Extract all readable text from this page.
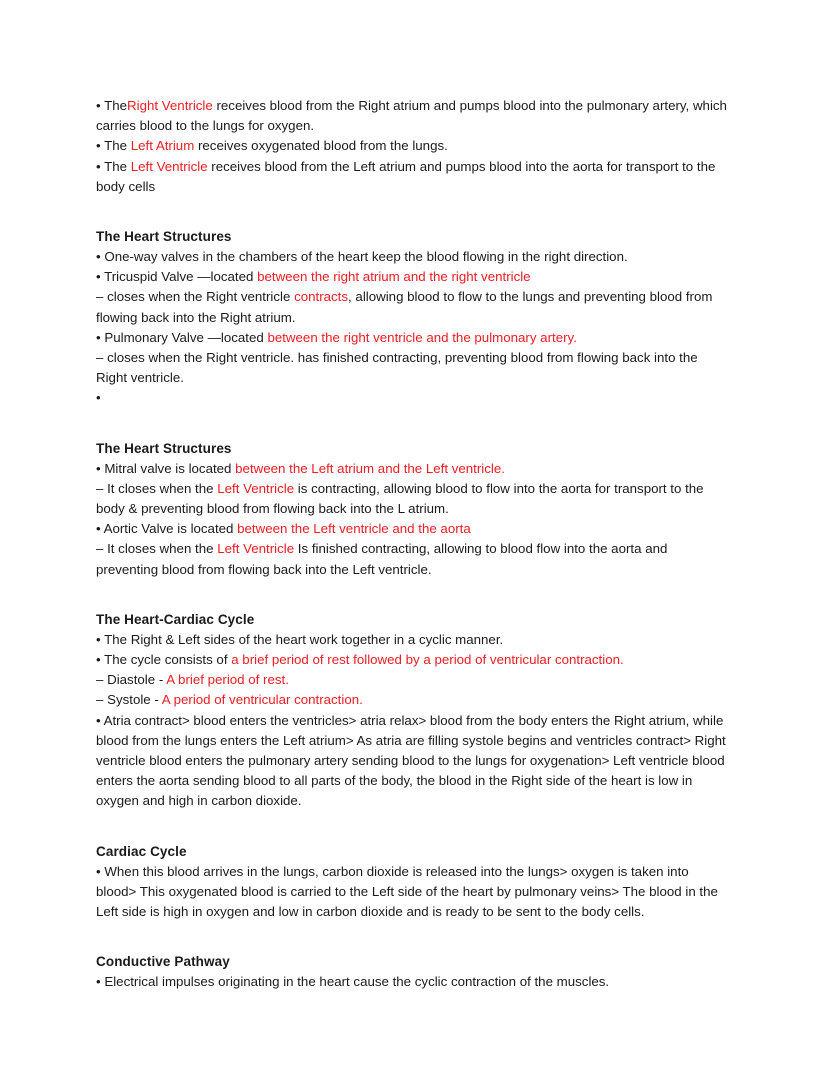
• TheRight Ventricle receives blood from the Right atrium and pumps blood into the pulmonary artery, which carries blood to the lungs for oxygen.
• The Left Atrium receives oxygenated blood from the lungs.
• The Left Ventricle receives blood from the Left atrium and pumps blood into the aorta for transport to the body cells
The Heart Structures
• One-way valves in the chambers of the heart keep the blood flowing in the right direction.
• Tricuspid Valve —located between the right atrium and the right ventricle
– closes when the Right ventricle contracts, allowing blood to flow to the lungs and preventing blood from flowing back into the Right atrium.
• Pulmonary Valve —located between the right ventricle and the pulmonary artery.
– closes when the Right ventricle. has finished contracting, preventing blood from flowing back into the Right ventricle.
•
The Heart Structures
• Mitral valve is located between the Left atrium and the Left ventricle.
– It closes when the Left Ventricle is contracting, allowing blood to flow into the aorta for transport to the body & preventing blood from flowing back into the L atrium.
• Aortic Valve is located between the Left ventricle and the aorta
– It closes when the Left Ventricle Is finished contracting, allowing to blood flow into the aorta and preventing blood from flowing back into the Left ventricle.
The Heart-Cardiac Cycle
• The Right & Left sides of the heart work together in a cyclic manner.
• The cycle consists of a brief period of rest followed by a period of ventricular contraction.
– Diastole - A brief period of rest.
– Systole - A period of ventricular contraction.
• Atria contract> blood enters the ventricles> atria relax> blood from the body enters the Right atrium, while blood from the lungs enters the Left atrium> As atria are filling systole begins and ventricles contract> Right ventricle blood enters the pulmonary artery sending blood to the lungs for oxygenation> Left ventricle blood enters the aorta sending blood to all parts of the body, the blood in the Right side of the heart is low in oxygen and high in carbon dioxide.
Cardiac Cycle
• When this blood arrives in the lungs, carbon dioxide is released into the lungs> oxygen is taken into blood> This oxygenated blood is carried to the Left side of the heart by pulmonary veins> The blood in the Left side is high in oxygen and low in carbon dioxide and is ready to be sent to the body cells.
Conductive Pathway
• Electrical impulses originating in the heart cause the cyclic contraction of the muscles.
